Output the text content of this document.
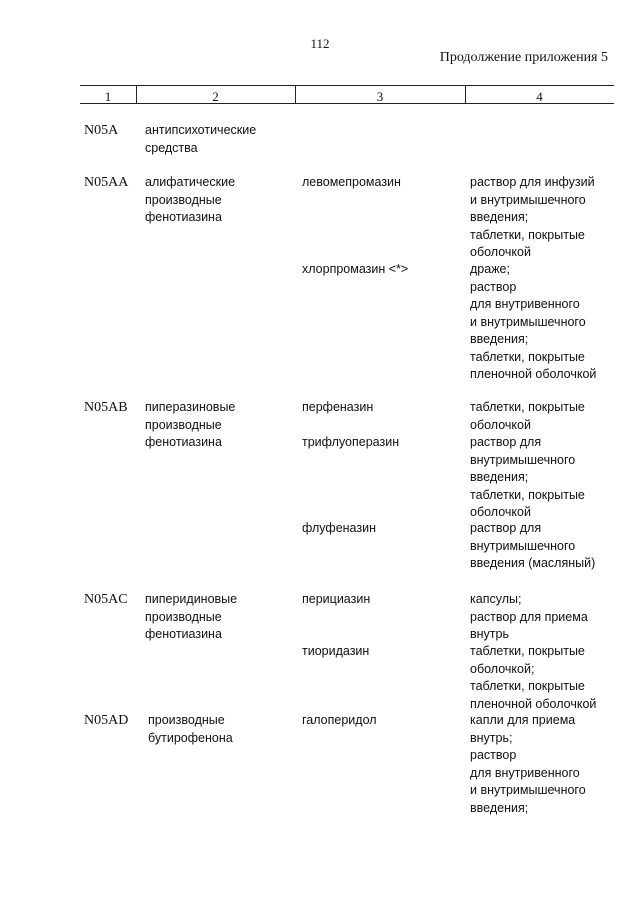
112
Продолжение приложения 5
1	2	3	4
N05A антипсихотические
средства
N05AA алифатические
производные
фенотиазина
левомепромазин	раствор для инфузий
и внутримышечного
введения;
таблетки, покрытые
оболочкой
хлорпромазин <*>	драже;
раствор
для внутривенного
и внутримышечного
введения;
таблетки, покрытые
пленочной оболочкой
N05AB пиперазиновые
производные
фенотиазина
перфеназин	таблетки, покрытые
оболочкой
трифлуоперазин	раствор для
внутримышечного
введения;
таблетки, покрытые
оболочкой
флуфеназин	раствор для
внутримышечного
введения (масляный)
N05AC пиперидиновые
производные
фенотиазина
перициазин	капсулы;
раствор для приема
внутрь
тиоридазин	таблетки, покрытые
оболочкой;
таблетки, покрытые
пленочной оболочкой
N05AD производные
бутирофенона
галоперидол	капли для приема
внутрь;
раствор
для внутривенного
и внутримышечного
введения;
